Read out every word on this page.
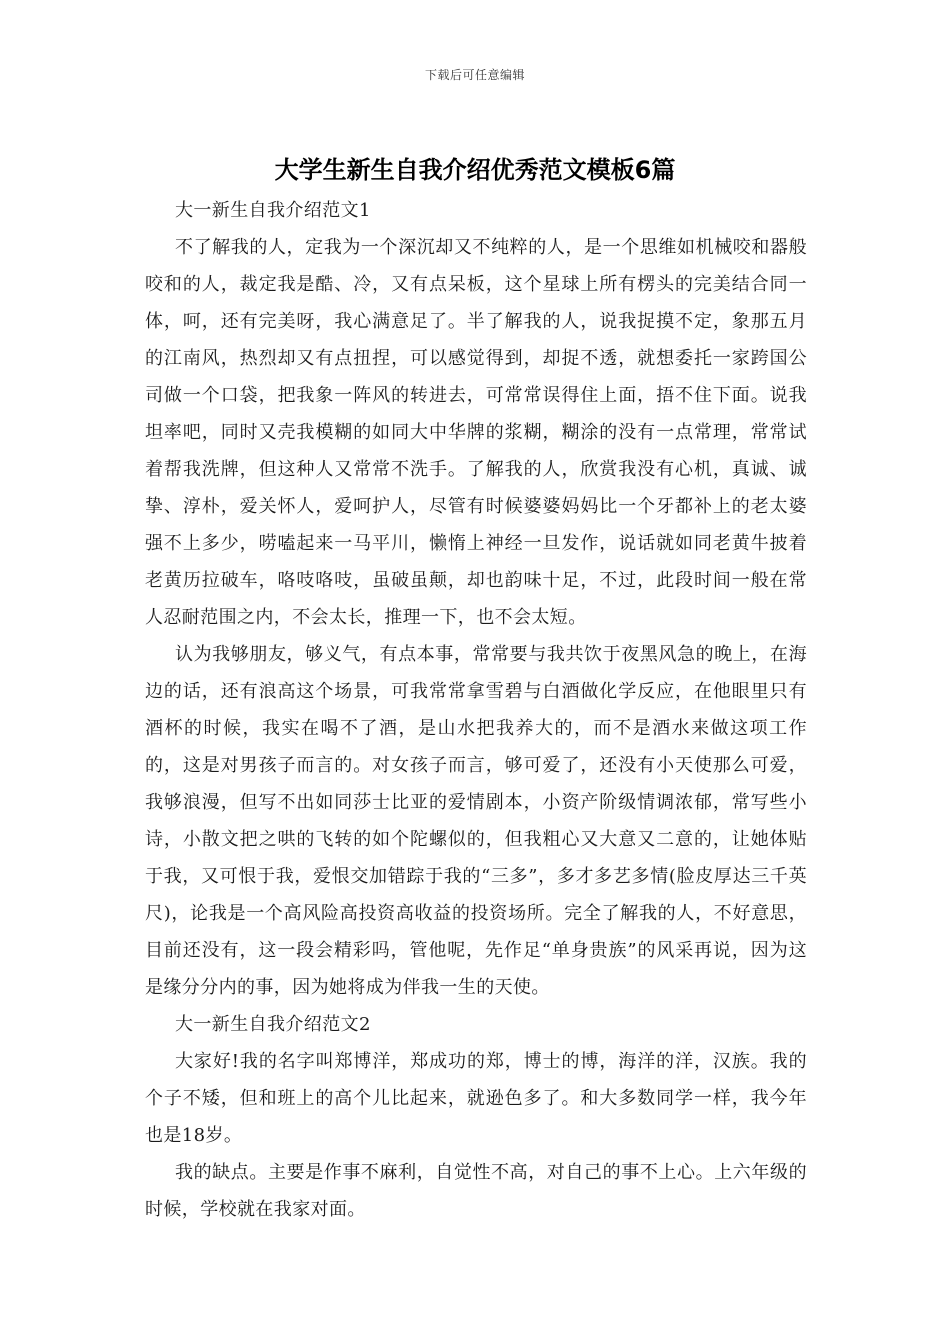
下载后可任意编辑
大学生新生自我介绍优秀范文模板6篇

大一新生自我介绍范文1

不了解我的人，定我为一个深沉却又不纯粹的人，是一个思维如机械咬和器般咬和的人，裁定我是酷、冷，又有点呆板，这个星球上所有楞头的完美结合同一体，呵，还有完美呀，我心满意足了。半了解我的人，说我捉摸不定，象那五月的江南风，热烈却又有点扭捏，可以感觉得到，却捉不透，就想委托一家跨国公司做一个口袋，把我象一阵风的转进去，可常常误得住上面，捂不住下面。说我坦率吧，同时又壳我模糊的如同大中华牌的浆糊，糊涂的没有一点常理，常常试着帮我洗牌，但这种人又常常不洗手。了解我的人，欣赏我没有心机，真诚、诚挚、淳朴，爱关怀人，爱呵护人，尽管有时候婆婆妈妈比一个牙都补上的老太婆强不上多少，唠嗑起来一马平川，懒惰上神经一旦发作，说话就如同老黄牛披着老黄历拉破车，咯吱咯吱，虽破虽颠，却也韵味十足，不过，此段时间一般在常人忍耐范围之内，不会太长，推理一下，也不会太短。

认为我够朋友，够义气，有点本事，常常要与我共饮于夜黑风急的晚上，在海边的话，还有浪高这个场景，可我常常拿雪碧与白酒做化学反应，在他眼里只有酒杯的时候，我实在喝不了酒，是山水把我养大的，而不是酒水来做这项工作的，这是对男孩子而言的。对女孩子而言，够可爱了，还没有小天使那么可爱，我够浪漫，但写不出如同莎士比亚的爱情剧本，小资产阶级情调浓郁，常写些小诗，小散文把之哄的飞转的如个陀螺似的，但我粗心又大意又二意的，让她体贴于我，又可恨于我，爱恨交加错踪于我的“三多”，多才多艺多情(脸皮厚达三千英尺)，论我是一个高风险高投资高收益的投资场所。完全了解我的人，不好意思，目前还没有，这一段会精彩吗，管他呢，先作足“单身贵族”的风采再说，因为这是缘分分内的事，因为她将成为伴我一生的天使。

大一新生自我介绍范文2

大家好!我的名字叫郑博洋，郑成功的郑，博士的博，海洋的洋，汉族。我的个子不矮，但和班上的高个儿比起来，就逊色多了。和大多数同学一样，我今年也是18岁。

我的缺点。主要是作事不麻利，自觉性不高，对自己的事不上心。上六年级的时候，学校就在我家对面。
